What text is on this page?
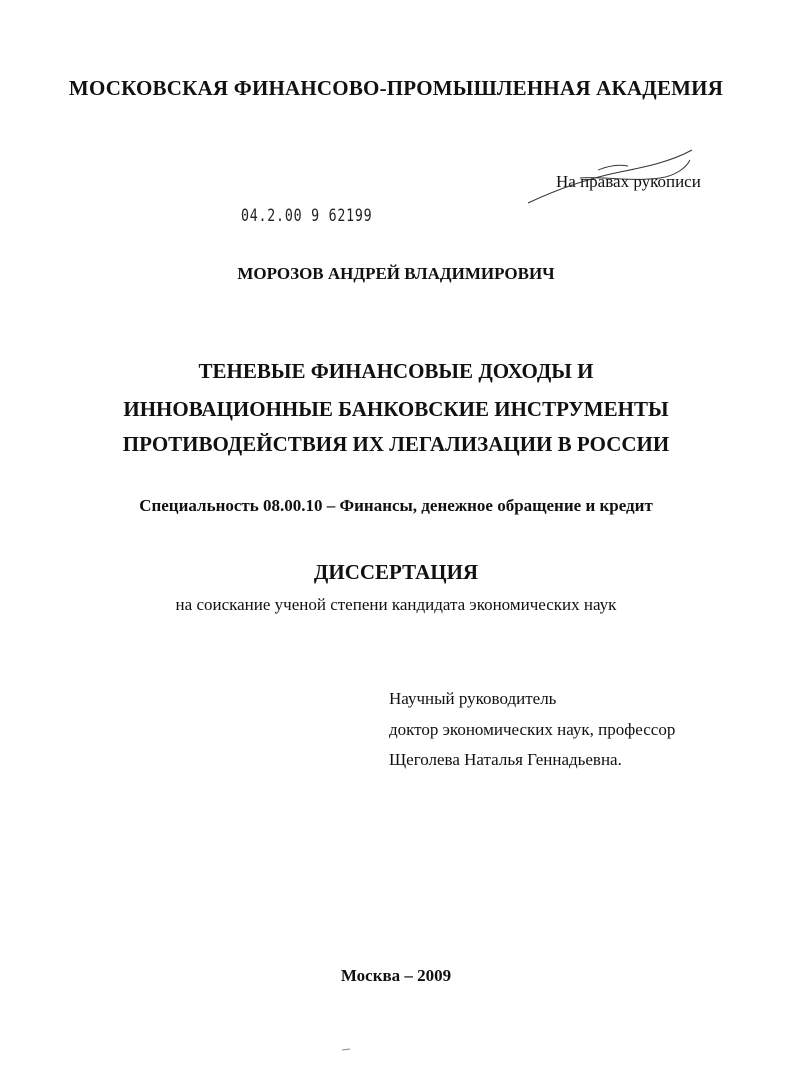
МОСКОВСКАЯ ФИНАНСОВО-ПРОМЫШЛЕННАЯ АКАДЕМИЯ

На правах рукописи

04.2.00 9 62199

МОРОЗОВ АНДРЕЙ ВЛАДИМИРОВИЧ

ТЕНЕВЫЕ ФИНАНСОВЫЕ ДОХОДЫ И

ИННОВАЦИОННЫЕ БАНКОВСКИЕ ИНСТРУМЕНТЫ

ПРОТИВОДЕЙСТВИЯ ИХ ЛЕГАЛИЗАЦИИ В РОССИИ

Специальность 08.00.10 – Финансы, денежное обращение и кредит

ДИССЕРТАЦИЯ

на соискание ученой степени кандидата экономических наук

Научный руководитель

доктор экономических наук, профессор

Щеголева Наталья Геннадьевна.

Москва – 2009
